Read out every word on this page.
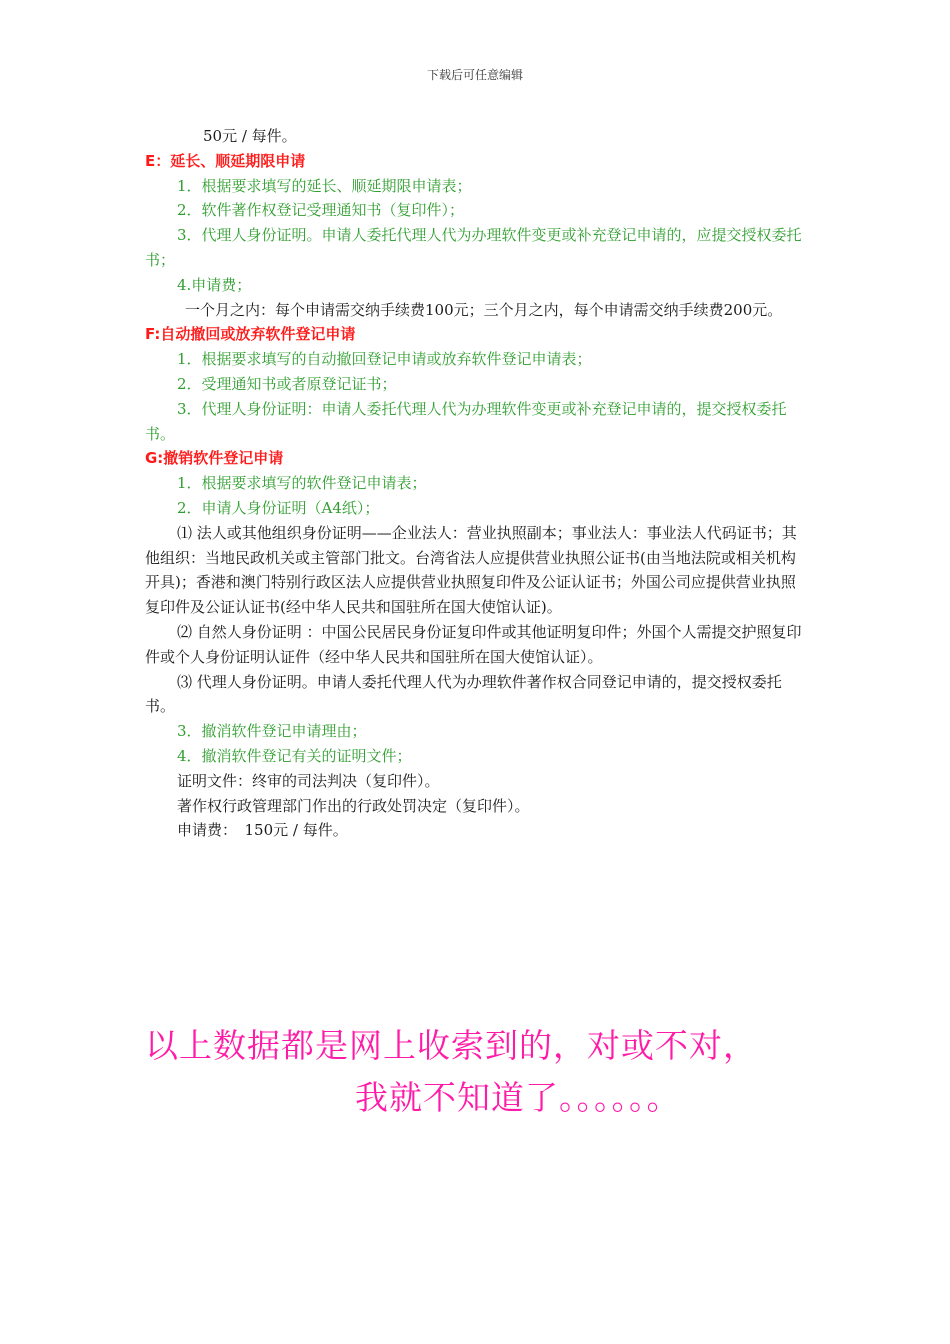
下载后可任意编辑
50元 / 每件。
E：延长、顺延期限申请
1．根据要求填写的延长、顺延期限申请表；
2．软件著作权登记受理通知书（复印件）；
3．代理人身份证明。申请人委托代理人代为办理软件变更或补充登记申请的，应提交授权委托书；
4.申请费；
一个月之内：每个申请需交纳手续费100元；三个月之内，每个申请需交纳手续费200元。
F:自动撤回或放弃软件登记申请
1．根据要求填写的自动撤回登记申请或放弃软件登记申请表；
2．受理通知书或者原登记证书；
3．代理人身份证明：申请人委托代理人代为办理软件变更或补充登记申请的，提交授权委托书。
G:撤销软件登记申请
1．根据要求填写的软件登记申请表；
2．申请人身份证明（A4纸）；
⑴ 法人或其他组织身份证明——企业法人：营业执照副本；事业法人：事业法人代码证书；其他组织：当地民政机关或主管部门批文。台湾省法人应提供营业执照公证书(由当地法院或相关机构开具)；香港和澳门特别行政区法人应提供营业执照复印件及公证认证书；外国公司应提供营业执照复印件及公证认证书(经中华人民共和国驻所在国大使馆认证)。
⑵ 自然人身份证明 ：中国公民居民身份证复印件或其他证明复印件；外国个人需提交护照复印件或个人身份证明认证件（经中华人民共和国驻所在国大使馆认证）。
⑶ 代理人身份证明。申请人委托代理人代为办理软件著作权合同登记申请的，提交授权委托书。
3．撤消软件登记申请理由；
4．撤消软件登记有关的证明文件；
证明文件：终审的司法判决（复印件）。
著作权行政管理部门作出的行政处罚决定（复印件）。
申请费：　150元 / 每件。
以上数据都是网上收索到的，对或不对，
我就不知道了。。。。。。
